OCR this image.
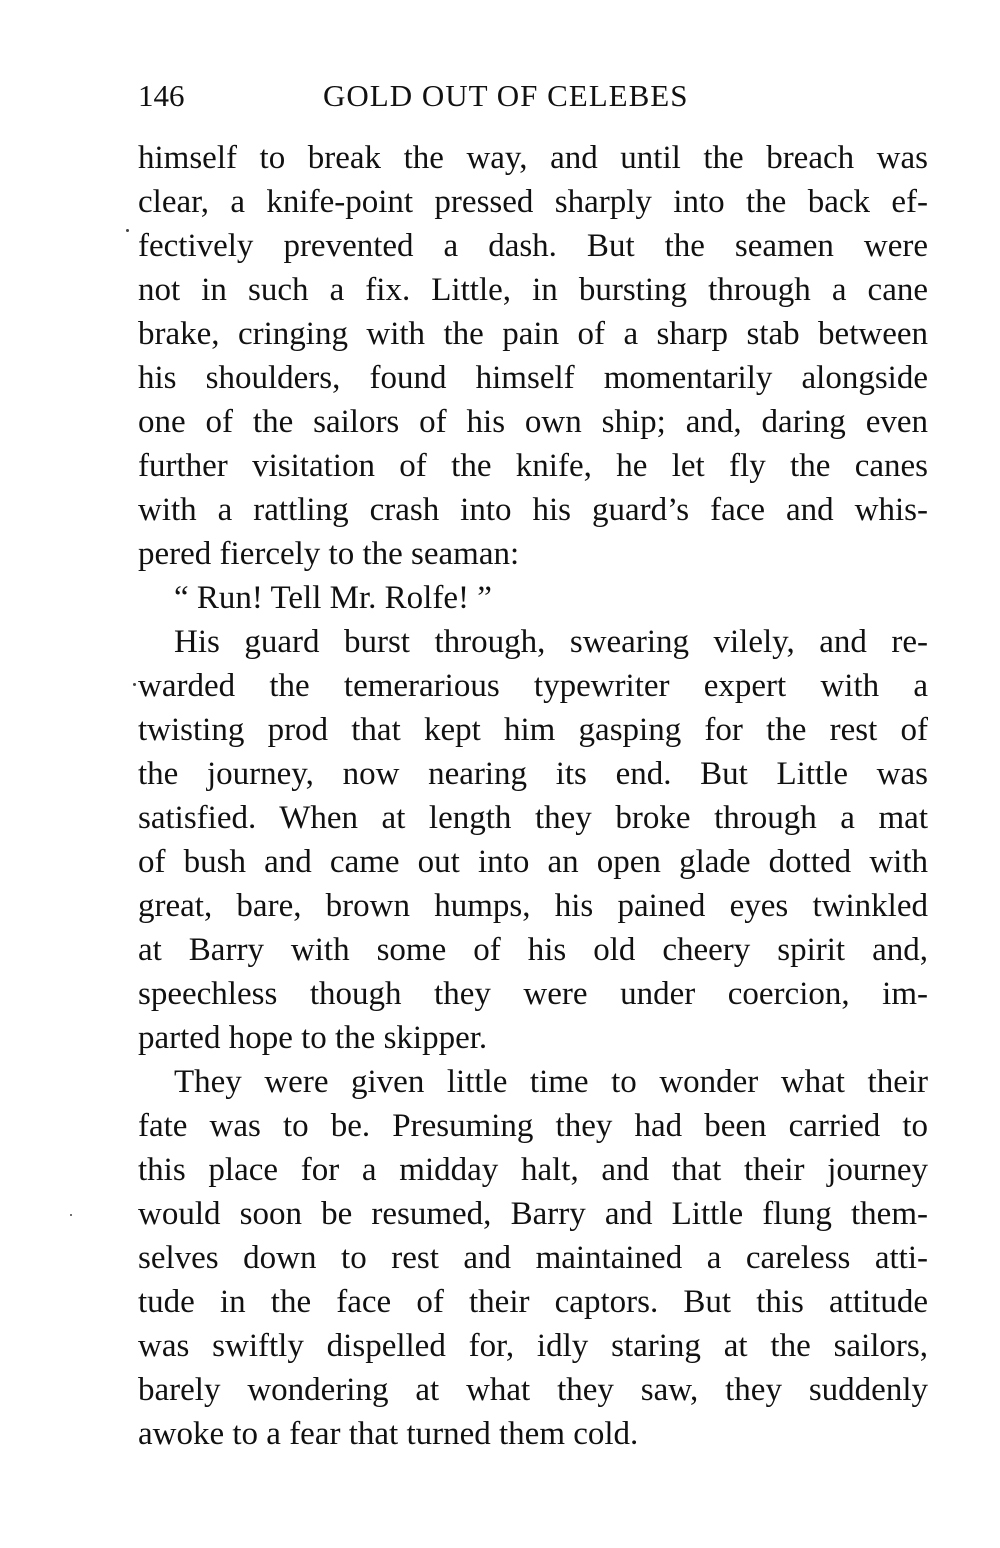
146	GOLD OUT OF CELEBES
himself to break the way, and until the breach was
clear, a knife-point pressed sharply into the back ef-
fectively prevented a dash. But the seamen were
not in such a fix. Little, in bursting through a cane
brake, cringing with the pain of a sharp stab between
his shoulders, found himself momentarily alongside
one of the sailors of his own ship; and, daring even
further visitation of the knife, he let fly the canes
with a rattling crash into his guard’s face and whis-
pered fiercely to the seaman:
“ Run! Tell Mr. Rolfe! ”
His guard burst through, swearing vilely, and re-
warded the temerarious typewriter expert with a
twisting prod that kept him gasping for the rest of
the journey, now nearing its end. But Little was
satisfied. When at length they broke through a mat
of bush and came out into an open glade dotted with
great, bare, brown humps, his pained eyes twinkled
at Barry with some of his old cheery spirit and,
speechless though they were under coercion, im-
parted hope to the skipper.
They were given little time to wonder what their
fate was to be. Presuming they had been carried to
this place for a midday halt, and that their journey
would soon be resumed, Barry and Little flung them-
selves down to rest and maintained a careless atti-
tude in the face of their captors. But this attitude
was swiftly dispelled for, idly staring at the sailors,
barely wondering at what they saw, they suddenly
awoke to a fear that turned them cold.
